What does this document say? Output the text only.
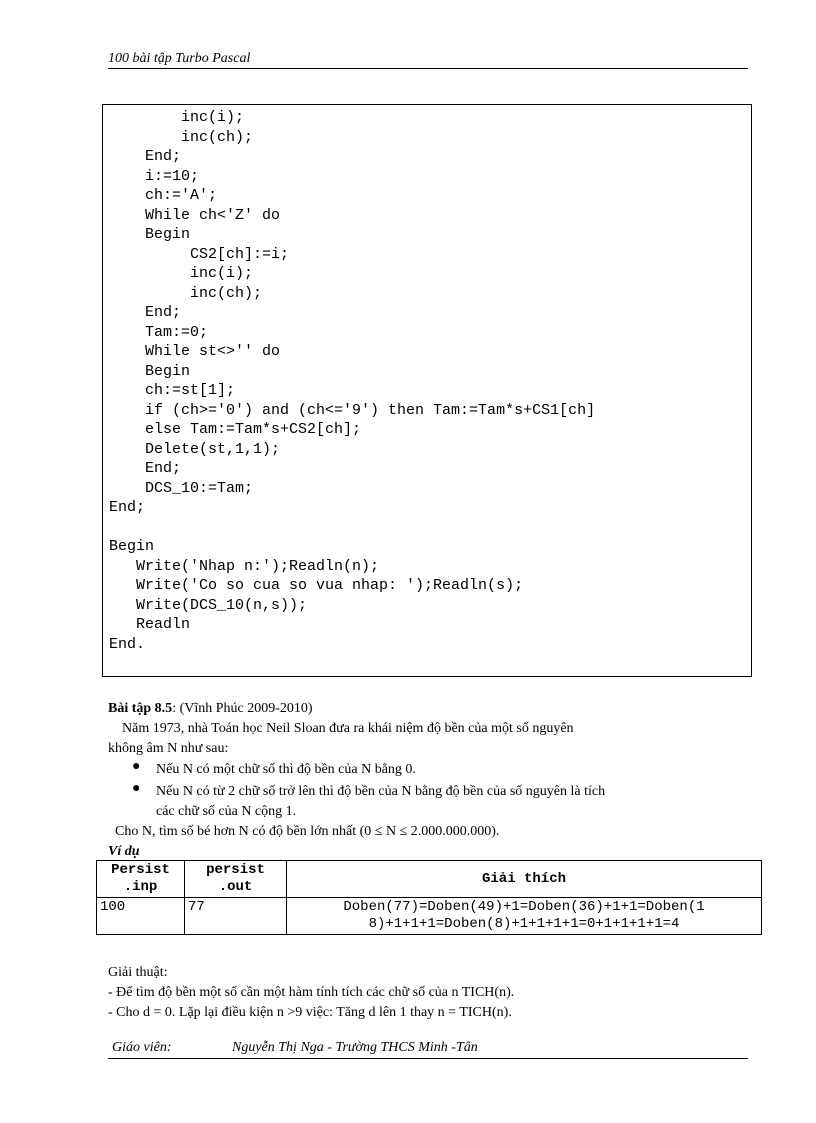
100 bài tập Turbo Pascal
inc(i);
inc(ch);
End;
i:=10;
ch:='A';
While ch<'Z' do
Begin
CS2[ch]:=i;
inc(i);
inc(ch);
End;
Tam:=0;
While st<>'' do
Begin
ch:=st[1];
if (ch>='0') and (ch<='9') then Tam:=Tam*s+CS1[ch]
else Tam:=Tam*s+CS2[ch];
Delete(st,1,1);
End;
DCS_10:=Tam;
End;
Begin
Write('Nhap n:');Readln(n);
Write('Co so cua so vua nhap: ');Readln(s);
Write(DCS_10(n,s));
Readln
End.
Bài tập 8.5: (Vĩnh Phúc 2009-2010)
Năm 1973, nhà Toán học Neil Sloan đưa ra khái niệm độ bền của một số nguyên
không âm N như sau:
● Nếu N có một chữ số thì độ bền của N bằng 0.
● Nếu N có từ 2 chữ số trở lên thì độ bền của N bằng độ bền của số nguyên là tích
các chữ số của N cộng 1.
Cho N, tìm số bé hơn N có độ bền lớn nhất (0 ≤ N ≤ 2.000.000.000).
Ví dụ
Persist .inp	persist .out	Giải thích
100	77	Doben(77)=Doben(49)+1=Doben(36)+1+1=Doben(1
8)+1+1+1=Doben(8)+1+1+1+1=0+1+1+1+1=4
Giải thuật:
- Để tìm độ bền một số cần một hàm tính tích các chữ số của n TICH(n).
- Cho d = 0. Lặp lại điều kiện n >9 việc: Tăng d lên 1 thay n = TICH(n).
Giáo viên:	Nguyễn Thị Nga - Trường THCS Minh -Tân
